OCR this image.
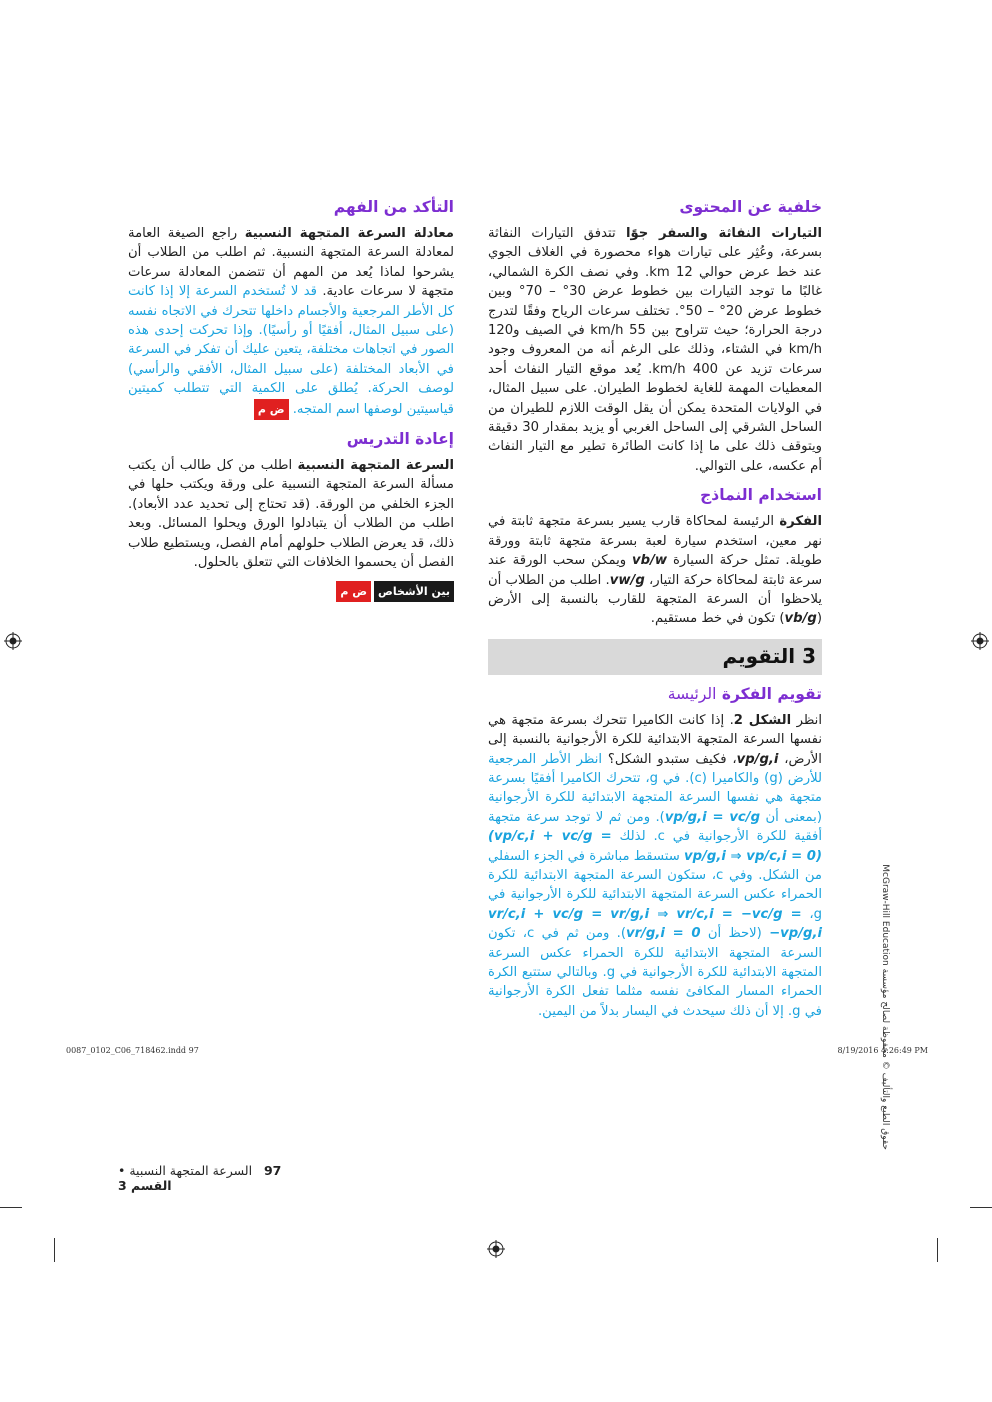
خلفية عن المحتوى

التيارات النفاثة والسفر جوًا تتدفق التيارات النفاثة بسرعة، وعُثِر على تيارات هواء محصورة في الغلاف الجوي عند خط عرض حوالي 12 km. وفي نصف الكرة الشمالي، غالبًا ما توجد التيارات بين خطوط عرض 30° – 70° وبين خطوط عرض 20° – 50°. تختلف سرعات الرياح وفقًا لتدرج درجة الحرارة؛ حيث تتراوح بين 55 km/h في الصيف و120 km/h في الشتاء، وذلك على الرغم أنه من المعروف وجود سرعات تزيد عن 400 km/h. يُعد موقع التيار النفاث أحد المعطيات المهمة للغاية لخطوط الطيران. على سبيل المثال، في الولايات المتحدة يمكن أن يقل الوقت اللازم للطيران من الساحل الشرقي إلى الساحل الغربي أو يزيد بمقدار 30 دقيقة ويتوقف ذلك على ما إذا كانت الطائرة تطير مع التيار النفاث أم عكسه، على التوالي.

استخدام النماذج

الفكرة الرئيسة لمحاكاة قارب يسير بسرعة متجهة ثابتة في نهر معين، استخدم سيارة لعبة بسرعة متجهة ثابتة وورقة طويلة. تمثل حركة السيارة vb/w ويمكن سحب الورقة عند سرعة ثابتة لمحاكاة حركة التيار، vw/g. اطلب من الطلاب أن يلاحظوا أن السرعة المتجهة للقارب بالنسبة إلى الأرض (vb/g) تكون في خط مستقيم.

3 التقويم
تقويم الفكرة الرئيسة

انظر الشكل 2. إذا كانت الكاميرا تتحرك بسرعة متجهة هي نفسها السرعة المتجهة الابتدائية للكرة الأرجوانية بالنسبة إلى الأرض، vp/g,i، فكيف ستبدو الشكل؟ انظر الأطر المرجعية للأرض (g) والكاميرا (c). في g، تتحرك الكاميرا أفقيًا بسرعة متجهة هي نفسها السرعة المتجهة الابتدائية للكرة الأرجوانية (بمعنى أن vp/g,i = vc/g). ومن ثم لا توجد سرعة متجهة أفقية للكرة الأرجوانية في c. لذلك (vp/c,i + vc/g = vp/g,i ⇒ vp/c,i = 0) ستسقط مباشرة في الجزء السفلي من الشكل. وفي c، ستكون السرعة المتجهة الابتدائية للكرة الحمراء عكس السرعة المتجهة الابتدائية للكرة الأرجوانية في g، vr/c,i + vc/g = vr/g,i ⇒ vr/c,i = −vc/g = −vp/g,i (لاحظ أن vr/g,i = 0). ومن ثم في c، تكون السرعة المتجهة الابتدائية للكرة الحمراء عكس السرعة المتجهة الابتدائية للكرة الأرجوانية في g. وبالتالي ستتبع الكرة الحمراء المسار المكافئ نفسه مثلما تفعل الكرة الأرجوانية في g. إلا أن ذلك سيحدث في اليسار بدلاً من اليمين.

التأكد من الفهم

معادلة السرعة المتجهة النسبية راجع الصيغة العامة لمعادلة السرعة المتجهة النسبية. ثم اطلب من الطلاب أن يشرحوا لماذا يُعد من المهم أن تتضمن المعادلة سرعات متجهة لا سرعات عادية. قد لا تُستخدم السرعة إلا إذا كانت كل الأطر المرجعية والأجسام داخلها تتحرك في الاتجاه نفسه (على سبيل المثال، أفقيًا أو رأسيًا). وإذا تحركت إحدى هذه الصور في اتجاهات مختلفة، يتعين عليك أن تفكر في السرعة في الأبعاد المختلفة (على سبيل المثال، الأفقي والرأسي) لوصف الحركة. يُطلق على الكمية التي تتطلب كميتين قياسيتين لوصفها اسم المتجه. ض م

إعادة التدريس

السرعة المتجهة النسبية اطلب من كل طالب أن يكتب مسألة السرعة المتجهة النسبية على ورقة ويكتب حلها في الجزء الخلفي من الورقة. (قد تحتاج إلى تحديد عدد الأبعاد). اطلب من الطلاب أن يتبادلوا الورق ويحلوا المسائل. وبعد ذلك، قد يعرض الطلاب حلولهم أمام الفصل، ويستطيع طلاب الفصل أن يحسموا الخلافات التي تتعلق بالحلول.

ض م	بين الأشخاص
حقوق الطبع والتأليف © محفوظة لصالح مؤسسة McGraw-Hill Education
97   السرعة المتجهة النسبية • القسم 3
0087_0102_C06_718462.indd 97	8/19/2016 4:26:49 PM
